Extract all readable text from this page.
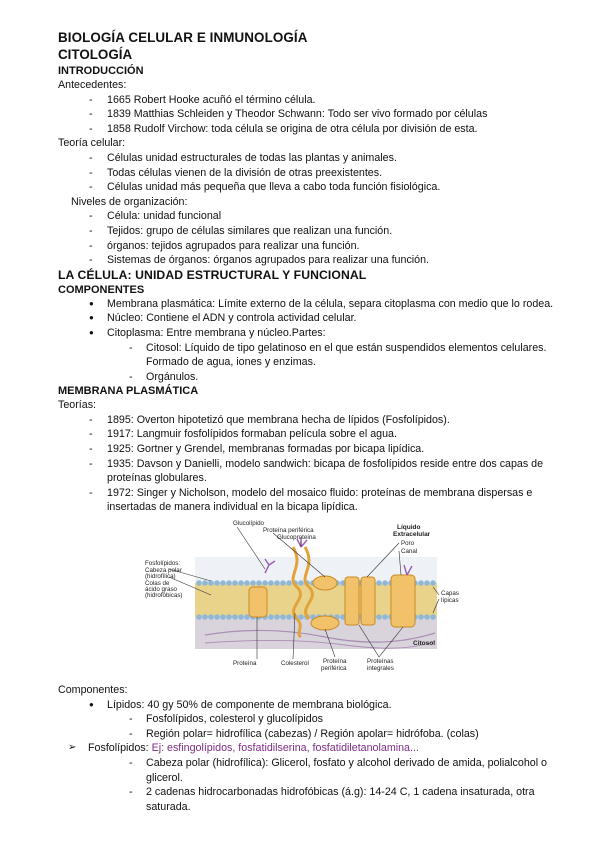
BIOLOGÍA CELULAR E INMUNOLOGÍA
CITOLOGÍA
INTRODUCCIÓN
Antecedentes:
- 1665 Robert Hooke acuñó el término célula.
- 1839 Matthias Schleiden y Theodor Schwann: Todo ser vivo formado por células
- 1858 Rudolf Virchow: toda célula se origina de otra célula por división de esta.
Teoría celular:
- Células unidad estructurales de todas las plantas y animales.
- Todas células vienen de la división de otras preexistentes.
- Células unidad más pequeña que lleva a cabo toda función fisiológica.
Niveles de organización:
- Célula: unidad funcional
- Tejidos: grupo de células similares que realizan una función.
- órganos: tejidos agrupados para realizar una función.
- Sistemas de órganos: órganos agrupados para realizar una función.
LA CÉLULA: UNIDAD ESTRUCTURAL Y FUNCIONAL
COMPONENTES
● Membrana plasmática: Límite externo de la célula, separa citoplasma con medio que lo rodea.
● Núcleo: Contiene el ADN y controla actividad celular.
● Citoplasma: Entre membrana y núcleo.Partes:
- Citosol: Líquido de tipo gelatinoso en el que están suspendidos elementos celulares. Formado de agua, iones y enzimas.
- Orgánulos.
MEMBRANA PLASMÁTICA
Teorías:
- 1895: Overton hipotetizó que membrana hecha de lípidos (Fosfolípidos).
- 1917: Langmuir fosfolípidos formaban película sobre el agua.
- 1925: Gortner y Grendel, membranas formadas por bicapa lipídica.
- 1935: Davson y Danielli, modelo sandwich: bicapa de fosfolípidos reside entre dos capas de proteínas globulares.
- 1972: Singer y Nicholson, modelo del mosaico fluido: proteínas de membrana dispersas e insertadas de manera individual en la bicapa lipídica.
Glucolípido
Proteína periférica
Glucoproteína
Líquido
Extracelular
Poro
Canal
Fosfolípidos:
Cabeza polar
(hidrofílica)
Colas de
ácido graso
(hidrofóbicas)	Capas
lípicas
Citosol
Proteína	Colesterol Proteína
periférica
Proteínas
integrales
Componentes:
● Lípidos: 40 gy 50% de componente de membrana biológica.
- Fosfolípidos, colesterol y glucolípidos
- Región polar= hidrofílica (cabezas) / Región apolar= hidrófoba. (colas)
➢ Fosfolípidos: Ej: esfingolípidos, fosfatidilserina, fosfatidiletanolamina...
- Cabeza polar (hidrofílica): Glicerol, fosfato y alcohol derivado de amida, polialcohol o glicerol.
- 2 cadenas hidrocarbonadas hidrofóbicas (á.g): 14-24 C, 1 cadena insaturada, otra saturada.
